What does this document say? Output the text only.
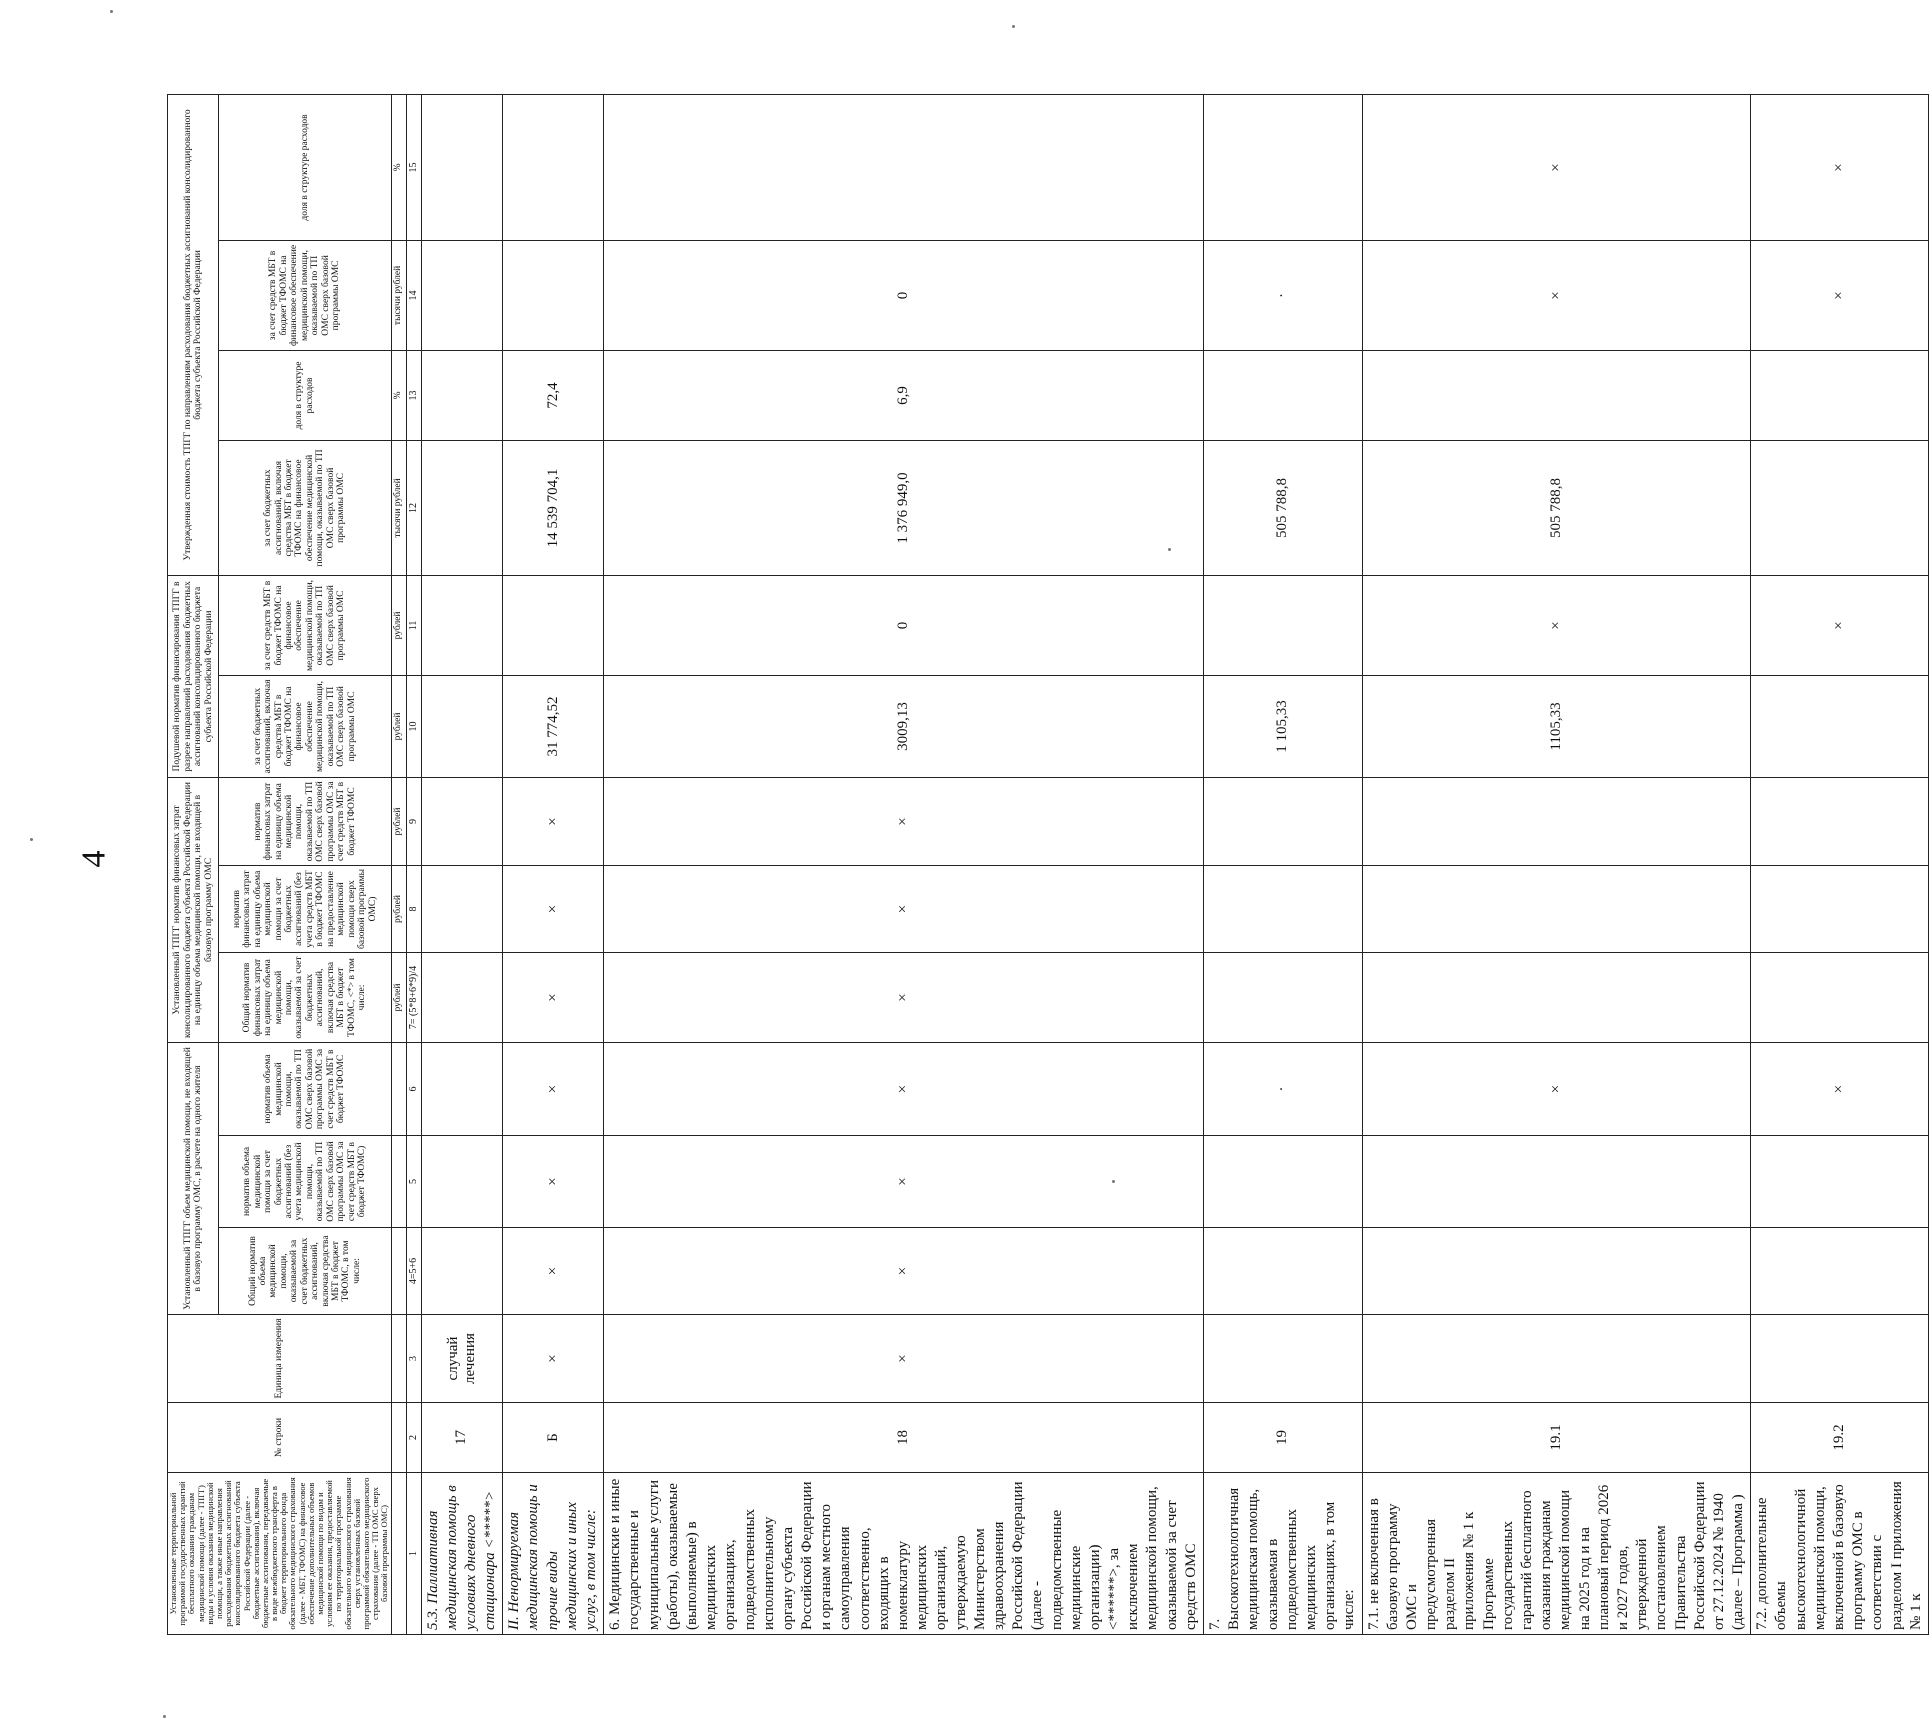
4
Установленные территориальной программой государственных гарантий бесплатного оказания гражданам медицинской помощи (далее - ТПГГ) виды и условия оказания медицинской помощи, а также иные направления расходования бюджетных ассигнований консолидированного бюджета субъекта Российской Федерации (далее - бюджетные ассигнования), включая бюджетные ассигнования, передаваемые в виде межбюджетного трансферта в бюджет территориального фонда обязательного медицинского страхования (далее - МБТ, ТФОМС) на финансовое обеспечение дополнительных объемов медицинской помощи по видам и условиям ее оказания, предоставляемой по территориальной программе обязательного медицинского страхования сверх установленных базовой программой обязательного медицинского страхования (далее - ТП ОМС сверх базовой программы ОМС)	№ строки	Единица измерения	Установленный ТПГГ объем медицинской помощи, не входящей в базовую программу ОМС, в расчете на одного жителя			Установленный ТПГГ норматив финансовых затрат консолидированного бюджета субъекта Российской Федерации на единицу объема медицинской помощи, не входящей в базовую программу ОМС			Подушевой норматив финансирования ТПГГ в разрезе направлений расходования бюджетных ассигнований консолидированного бюджета субъекта Российской Федерации		Утвержденная стоимость ТПГГ по направлениям расходования бюджетных ассигнований консолидированного бюджета субъекта Российской Федерации			
			Общий норматив объема медицинской помощи, оказываемой за счет бюджетных ассигнований, включая средства МБТ в бюджет ТФОМС, в том числе:	норматив объема медицинской помощи за счет бюджетных ассигнований (без учета медицинской помощи, оказываемой по ТП ОМС сверх базовой программы ОМС за счет средств МБТ в бюджет ТФОМС)	норматив объема медицинской помощи, оказываемой по ТП ОМС сверх базовой программы ОМС за счет средств МБТ в бюджет ТФОМС	Общий норматив финансовых затрат на единицу объема медицинской помощи, оказываемой за счет бюджетных ассигнований, включая средства МБТ в бюджет ТФОМС, <*> в том числе:	норматив финансовых затрат на единицу объема медицинской помощи за счет бюджетных ассигнований (без учета средств МБТ в бюджет ТФОМС на предоставление медицинской помощи сверх базовой программы ОМС)	норматив финансовых затрат на единицу объема медицинской помощи, оказываемой по ТП ОМС сверх базовой программы ОМС за счет средств МБТ в бюджет ТФОМС	за счет бюджетных ассигнований, включая средства МБТ в бюджет ТФОМС на финансовое обеспечение медицинской помощи, оказываемой по ТП ОМС сверх базовой программы ОМС	за счет средств МБТ в бюджет ТФОМС на финансовое обеспечение медицинской помощи, оказываемой по ТП ОМС сверх базовой программы ОМС	за счет бюджетных ассигнований, включая средства МБТ в бюджет ТФОМС на финансовое обеспечение медицинской помощи, оказываемой по ТП ОМС сверх базовой программы ОМС	доля в структуре расходов	за счет средств МБТ в бюджет ТФОМС на финансовое обеспечение медицинской помощи, оказываемой по ТП ОМС сверх базовой программы ОМС	доля в структуре расходов
						рублей	рублей	рублей	рублей	рублей	тысячи рублей	%	тысячи рублей	%
1	2	3	4=5+6	5	6	7= (5*8+6*9)/4	8	9	10	11	12	13	14	15
5.3. Паллиативная медицинская помощь в условиях дневного стационара <*****>	17	случай лечения												
II. Ненормируемая медицинская помощь и прочие виды медицинских и иных услуг, в том числе:	Б	×	×	×	×	×	×	×	31 774,52		14 539 704,1	72,4		
6. Медицинские и иные государственные и муниципальные услуги (работы), оказываемые (выполняемые) в медицинских организациях, подведомственных исполнительному органу субъекта Российской Федерации и органам местного самоуправления соответственно, входящих в номенклатуру медицинских организаций, утверждаемую Министерством здравоохранения Российской Федерации (далее - подведомственные медицинские организации) <******>, за исключением медицинской помощи, оказываемой за счет средств ОМС	18	×	×	×	×	×	×	×	3009,13	0	1 376 949,0	6,9	0	
7. Высокотехнологичная медицинская помощь, оказываемая в подведомственных медицинских организациях, в том числе:	19				·				1 105,33		505 788,8		·	
7.1. не включенная в базовую программу ОМС и предусмотренная разделом II приложения № 1 к Программе государственных гарантий бесплатного оказания гражданам медицинской помощи на 2025 год и на плановый период 2026 и 2027 годов, утвержденной постановлением Правительства Российской Федерации от 27.12.2024 № 1940 (далее – Программа )	19.1				×				1105,33	×	505 788,8		×	×
7.2. дополнительные объемы высокотехнологичной медицинской помощи, включенной в базовую программу ОМС в соответствии с разделом I приложения № 1 к	19.2				×					×			×	×
